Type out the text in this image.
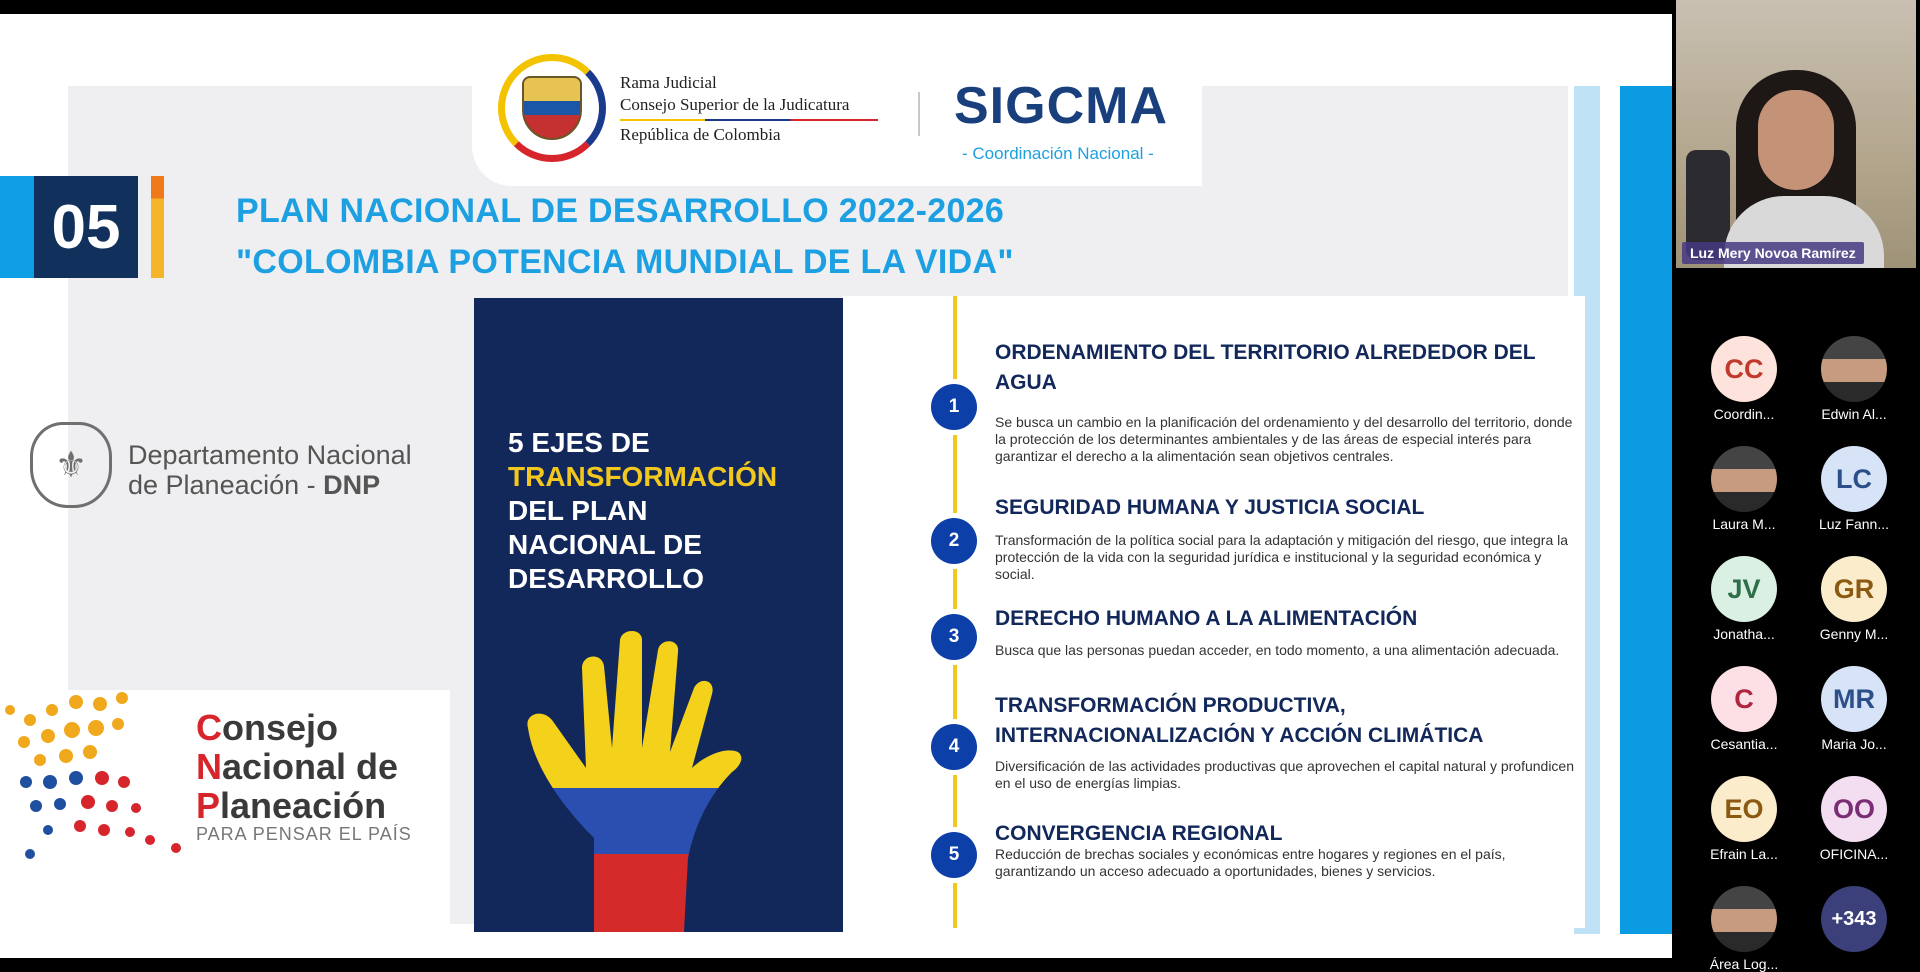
Rama Judicial
Consejo Superior de la Judicatura
República de Colombia	SIGCMA
- Coordinación Nacional -
05	PLAN NACIONAL DE DESARROLLO 2022-2026
"COLOMBIA POTENCIA MUNDIAL DE LA VIDA"
⚜	Departamento Nacional
de Planeación - DNP
Consejo
Nacional de
Planeación
PARA PENSAR EL PAÍS
5 EJES DE
TRANSFORMACIÓN
DEL PLAN
NACIONAL DE
DESARROLLO
ORDENAMIENTO DEL TERRITORIO ALREDEDOR DEL AGUA
1
Se busca un cambio en la planificación del ordenamiento y del desarrollo del territorio, donde la protección de los determinantes ambientales y de las áreas de especial interés para garantizar el derecho a la alimentación sean objetivos centrales.
SEGURIDAD HUMANA Y JUSTICIA SOCIAL
2	Transformación de la política social para la adaptación y mitigación del riesgo, que integra la protección de la vida con la seguridad jurídica e institucional y la seguridad económica y social.
DERECHO HUMANO A LA ALIMENTACIÓN
3
Busca que las personas puedan acceder, en todo momento, a una alimentación adecuada.
TRANSFORMACIÓN PRODUCTIVA, INTERNACIONALIZACIÓN Y ACCIÓN CLIMÁTICA
4
Diversificación de las actividades productivas que aprovechen el capital natural y profundicen en el uso de energías limpias.
CONVERGENCIA REGIONAL
5	Reducción de brechas sociales y económicas entre hogares y regiones en el país, garantizando un acceso adecuado a oportunidades, bienes y servicios.
Luz Mery Novoa Ramírez
CC
Coordin...	Edwin Al...
Laura M...
LC
Luz Fann...
JV
Jonatha...
GR
Genny M...
C
Cesantia...
MR
Maria Jo...
EO
Efrain La...
OO
OFICINA...
Área Log...
+343
